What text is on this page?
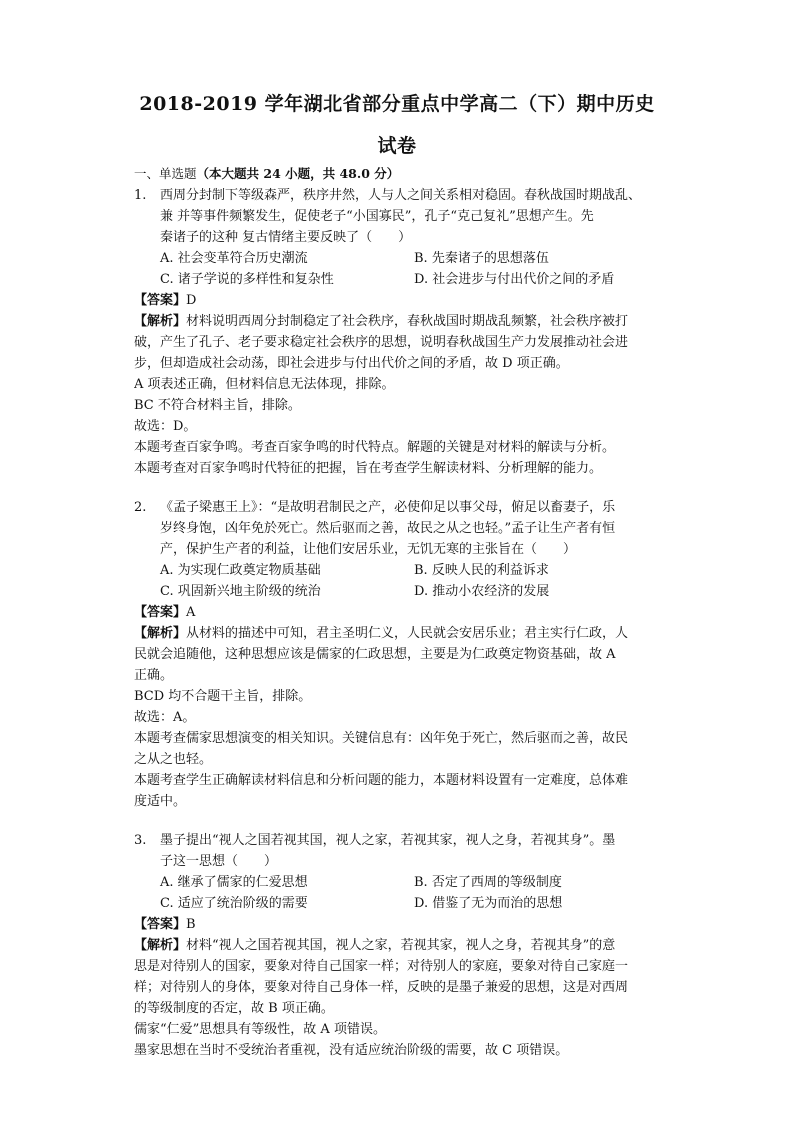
2018-2019 学年湖北省部分重点中学高二（下）期中历史
试卷
一、单选题（本大题共 24 小题，共 48.0 分）
1. 西周分封制下等级森严，秩序井然，人与人之间关系相对稳固。春秋战国时期战乱、
兼 并等事件频繁发生，促使老子“小国寡民”，孔子“克己复礼”思想产生。先
秦诸子的这种 复古情绪主要反映了（　　）
A. 社会变革符合历史潮流	B. 先秦诸子的思想落伍
C. 诸子学说的多样性和复杂性	D. 社会进步与付出代价之间的矛盾
【答案】D
【解析】材料说明西周分封制稳定了社会秩序，春秋战国时期战乱频繁，社会秩序被打
破，产生了孔子、老子要求稳定社会秩序的思想，说明春秋战国生产力发展推动社会进
步，但却造成社会动荡，即社会进步与付出代价之间的矛盾，故 D 项正确。
A 项表述正确，但材料信息无法体现，排除。
BC 不符合材料主旨，排除。
故选：D。
本题考查百家争鸣。考查百家争鸣的时代特点。解题的关键是对材料的解读与分析。
本题考查对百家争鸣时代特征的把握，旨在考查学生解读材料、分析理解的能力。
2. 《孟子梁惠王上》：“是故明君制民之产，必使仰足以事父母，俯足以畜妻子，乐
岁终身饱，凶年免於死亡。然后驱而之善，故民之从之也轻。”孟子让生产者有恒
产，保护生产者的利益，让他们安居乐业，无饥无寒的主张旨在（　　）
A. 为实现仁政奠定物质基础	B. 反映人民的利益诉求
C. 巩固新兴地主阶级的统治	D. 推动小农经济的发展
【答案】A
【解析】从材料的描述中可知，君主圣明仁义，人民就会安居乐业；君主实行仁政，人
民就会追随他，这种思想应该是儒家的仁政思想，主要是为仁政奠定物资基础，故 A
正确。
BCD 均不合题干主旨，排除。
故选：A。
本题考查儒家思想演变的相关知识。关键信息有：凶年免于死亡，然后驱而之善，故民
之从之也轻。
本题考查学生正确解读材料信息和分析问题的能力，本题材料设置有一定难度，总体难
度适中。
3. 墨子提出“视人之国若视其国，视人之家，若视其家，视人之身，若视其身”。墨
子这一思想（　　）
A. 继承了儒家的仁爱思想	B. 否定了西周的等级制度
C. 适应了统治阶级的需要	D. 借鉴了无为而治的思想
【答案】B
【解析】材料“视人之国若视其国，视人之家，若视其家，视人之身，若视其身”的意
思是对待别人的国家，要象对待自己国家一样；对待别人的家庭，要象对待自己家庭一
样；对待别人的身体，要象对待自己身体一样，反映的是墨子兼爱的思想，这是对西周
的等级制度的否定，故 B 项正确。
儒家“仁爱”思想具有等级性，故 A 项错误。
墨家思想在当时不受统治者重视，没有适应统治阶级的需要，故 C 项错误。
